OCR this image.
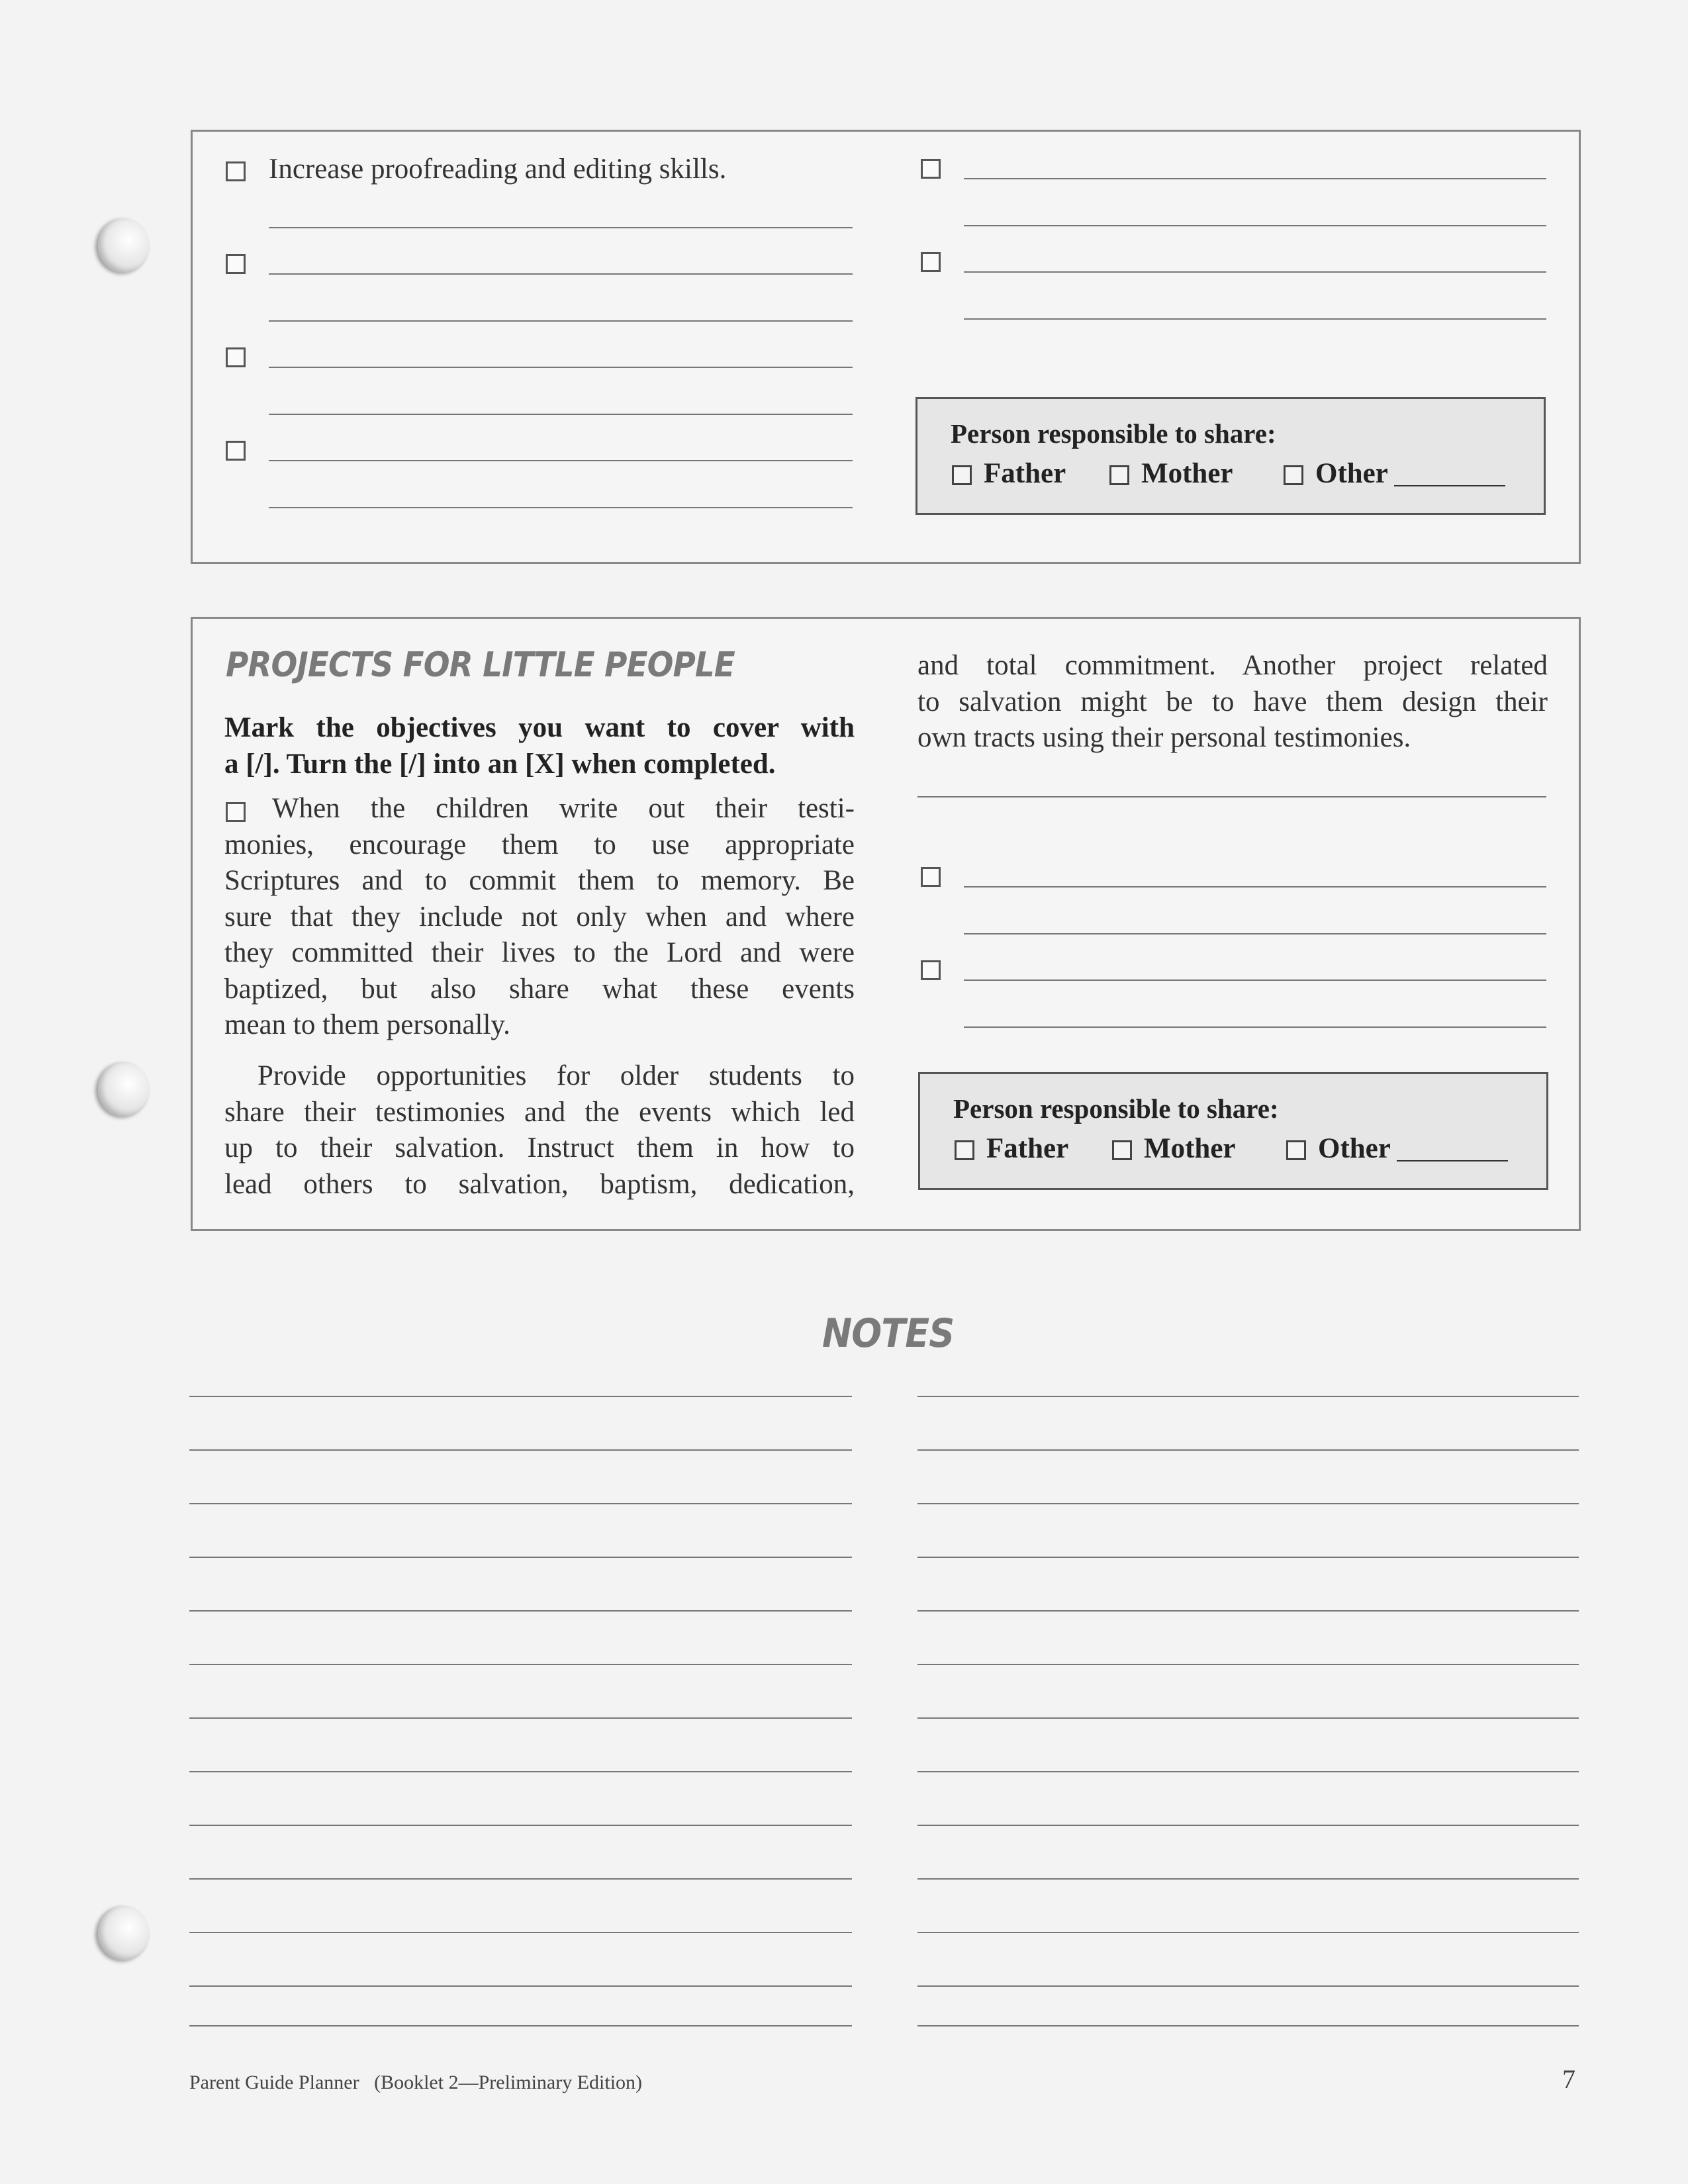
Increase proofreading and editing skills.
Person responsible to share:
Father	Mother	Other
PROJECTS FOR LITTLE PEOPLE

Mark the objectives you want to cover with

a [/]. Turn the [/] into an [X] when completed.

When the children write out their testi-

monies, encourage them to use appropriate

Scriptures and to commit them to memory. Be

sure that they include not only when and where

they committed their lives to the Lord and were

baptized, but also share what these events

mean to them personally.

Provide opportunities for older students to

share their testimonies and the events which led

up to their salvation. Instruct them in how to

lead others to salvation, baptism, dedication,

and total commitment. Another project related

to salvation might be to have them design their

own tracts using their personal testimonies.

Person responsible to share:
Father	Mother	Other
NOTES
Parent Guide Planner   (Booklet 2—Preliminary Edition)	7
